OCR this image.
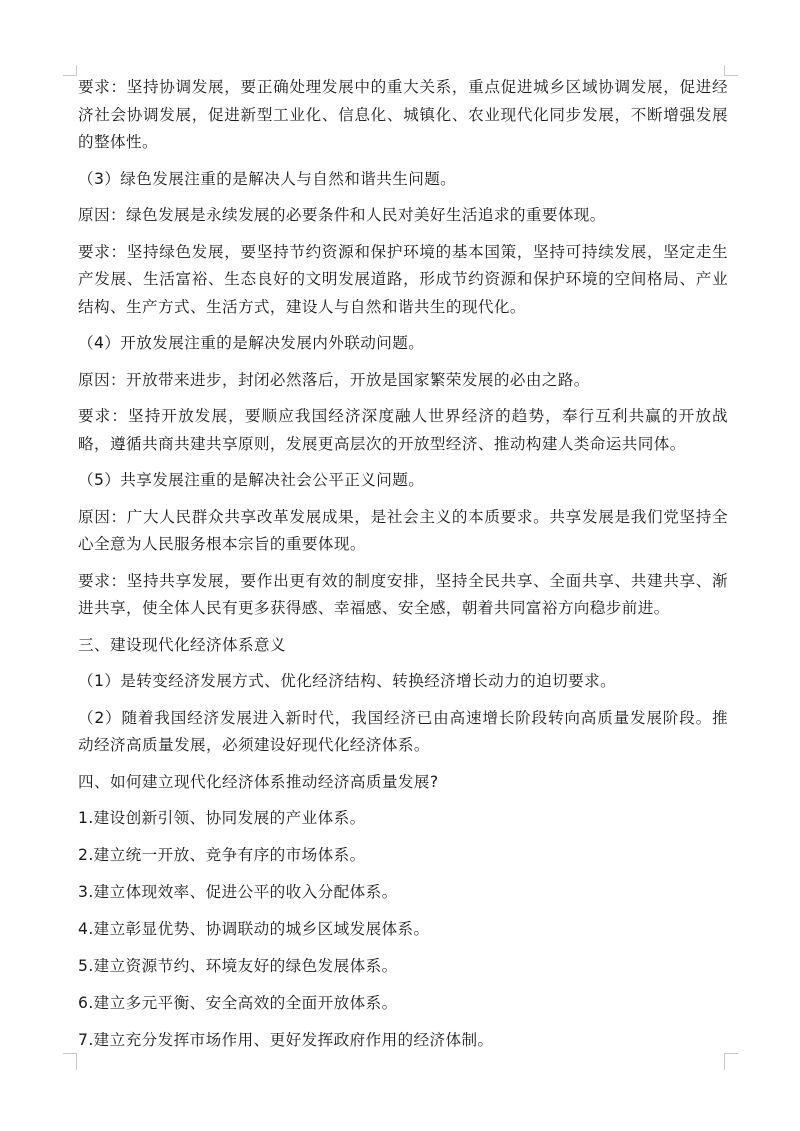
要求：坚持协调发展，要正确处理发展中的重大关系，重点促进城乡区域协调发展，促进经济社会协调发展，促进新型工业化、信息化、城镇化、农业现代化同步发展，不断增强发展的整体性。

（3）绿色发展注重的是解决人与自然和谐共生问题。

原因：绿色发展是永续发展的必要条件和人民对美好生活追求的重要体现。

要求：坚持绿色发展，要坚持节约资源和保护环境的基本国策，坚持可持续发展，坚定走生产发展、生活富裕、生态良好的文明发展道路，形成节约资源和保护环境的空间格局、产业结构、生产方式、生活方式，建设人与自然和谐共生的现代化。

（4）开放发展注重的是解决发展内外联动问题。

原因：开放带来进步，封闭必然落后，开放是国家繁荣发展的必由之路。

要求：坚持开放发展，要顺应我国经济深度融人世界经济的趋势，奉行互利共赢的开放战略，遵循共商共建共享原则，发展更高层次的开放型经济、推动构建人类命运共同体。

（5）共享发展注重的是解决社会公平正义问题。

原因：广大人民群众共享改革发展成果，是社会主义的本质要求。共享发展是我们党坚持全心全意为人民服务根本宗旨的重要体现。

要求：坚持共享发展，要作出更有效的制度安排，坚持全民共享、全面共享、共建共享、渐进共享，使全体人民有更多获得感、幸福感、安全感，朝着共同富裕方向稳步前进。

三、建设现代化经济体系意义

（1）是转变经济发展方式、优化经济结构、转换经济增长动力的迫切要求。

（2）随着我国经济发展进入新时代，我国经济已由高速增长阶段转向高质量发展阶段。推动经济高质量发展，必须建设好现代化经济体系。

四、如何建立现代化经济体系推动经济高质量发展?

1.建设创新引领、协同发展的产业体系。

2.建立统一开放、竞争有序的市场体系。

3.建立体现效率、促进公平的收入分配体系。

4.建立彰显优势、协调联动的城乡区域发展体系。

5.建立资源节约、环境友好的绿色发展体系。

6.建立多元平衡、安全高效的全面开放体系。

7.建立充分发挥市场作用、更好发挥政府作用的经济体制。
